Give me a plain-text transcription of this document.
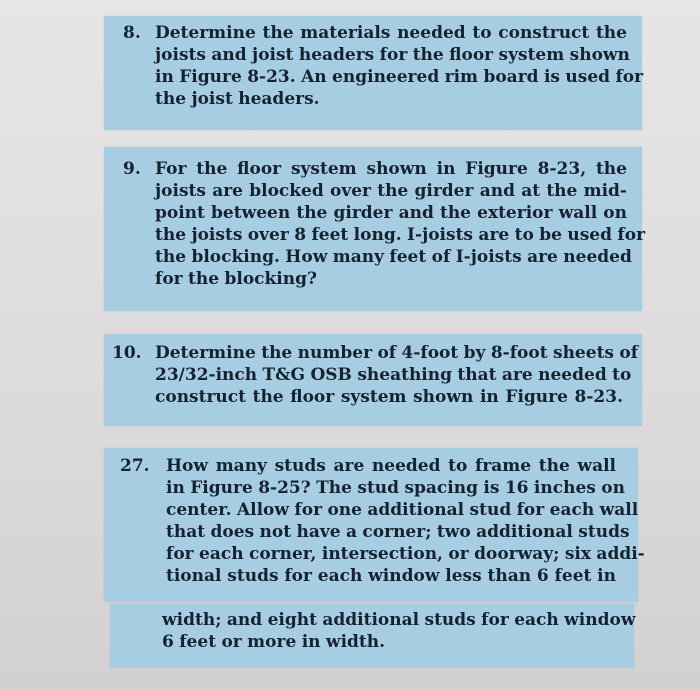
8. Determine the materials needed to construct the
joists and joist headers for the floor system shown
in Figure 8-23. An engineered rim board is used for
the joist headers.
9. For the floor system shown in Figure 8-23, the
joists are blocked over the girder and at the mid-
point between the girder and the exterior wall on
the joists over 8 feet long. I-joists are to be used for
the blocking. How many feet of I-joists are needed
for the blocking?
10. Determine the number of 4-foot by 8-foot sheets of
23/32-inch T&G OSB sheathing that are needed to
construct the floor system shown in Figure 8-23.
27. How many studs are needed to frame the wall
in Figure 8-25? The stud spacing is 16 inches on
center. Allow for one additional stud for each wall
that does not have a corner; two additional studs
for each corner, intersection, or doorway; six addi-
tional studs for each window less than 6 feet in
width; and eight additional studs for each window
6 feet or more in width.
